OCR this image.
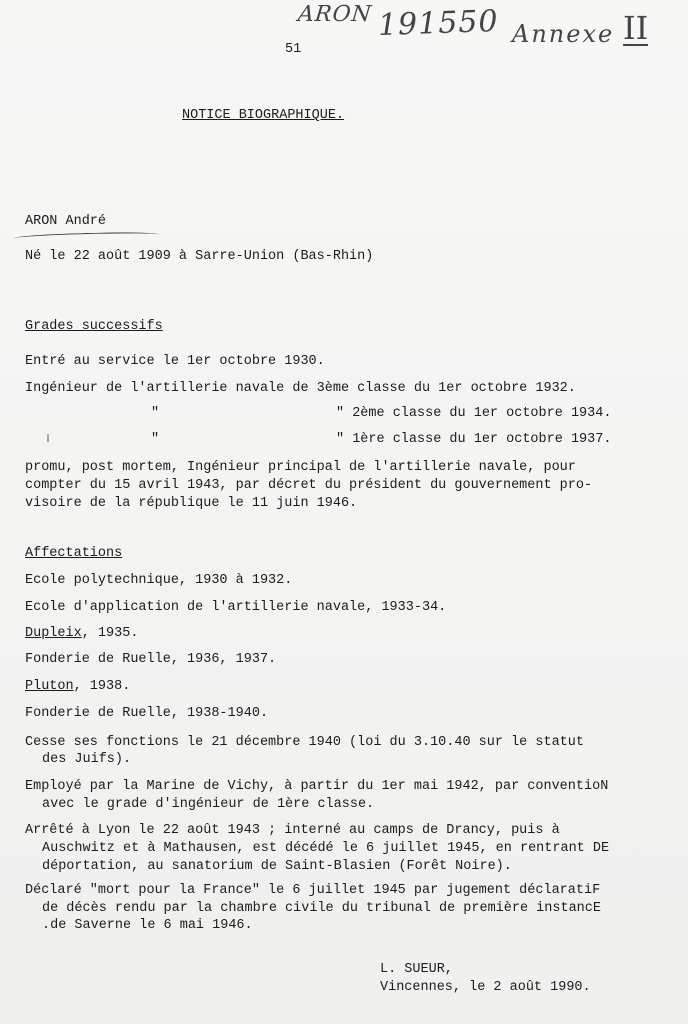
ARON 191550 Annexe II
51
NOTICE BIOGRAPHIQUE.
ARON André
Né le 22 août 1909 à Sarre-Union (Bas-Rhin)
Grades successifs
Entré au service le 1er octobre 1930.
Ingénieur de l'artillerie navale de 3ème classe du 1er octobre 1932.
"	" 2ème classe du 1er octobre 1934.
"	" 1ère classe du 1er octobre 1937.
promu, post mortem, Ingénieur principal de l'artillerie navale, pour
compter du 15 avril 1943, par décret du président du gouvernement pro-
visoire de la république le 11 juin 1946.
Affectations
Ecole polytechnique, 1930 à 1932.
Ecole d'application de l'artillerie navale, 1933-34.
Dupleix, 1935.
Fonderie de Ruelle, 1936, 1937.
Pluton, 1938.
Fonderie de Ruelle, 1938-1940.
Cesse ses fonctions le 21 décembre 1940 (loi du 3.10.40 sur le statut
des Juifs).
Employé par la Marine de Vichy, à partir du 1er mai 1942, par conventioN
avec le grade d'ingénieur de 1ère classe.
Arrêté à Lyon le 22 août 1943 ; interné au camps de Drancy, puis à
Auschwitz et à Mathausen, est décédé le 6 juillet 1945, en rentrant DE
déportation, au sanatorium de Saint-Blasien (Forêt Noire).
Déclaré "mort pour la France" le 6 juillet 1945 par jugement déclaratiF
de décès rendu par la chambre civile du tribunal de première instancE
.de Saverne le 6 mai 1946.
L. SUEUR,
Vincennes, le 2 août 1990.
